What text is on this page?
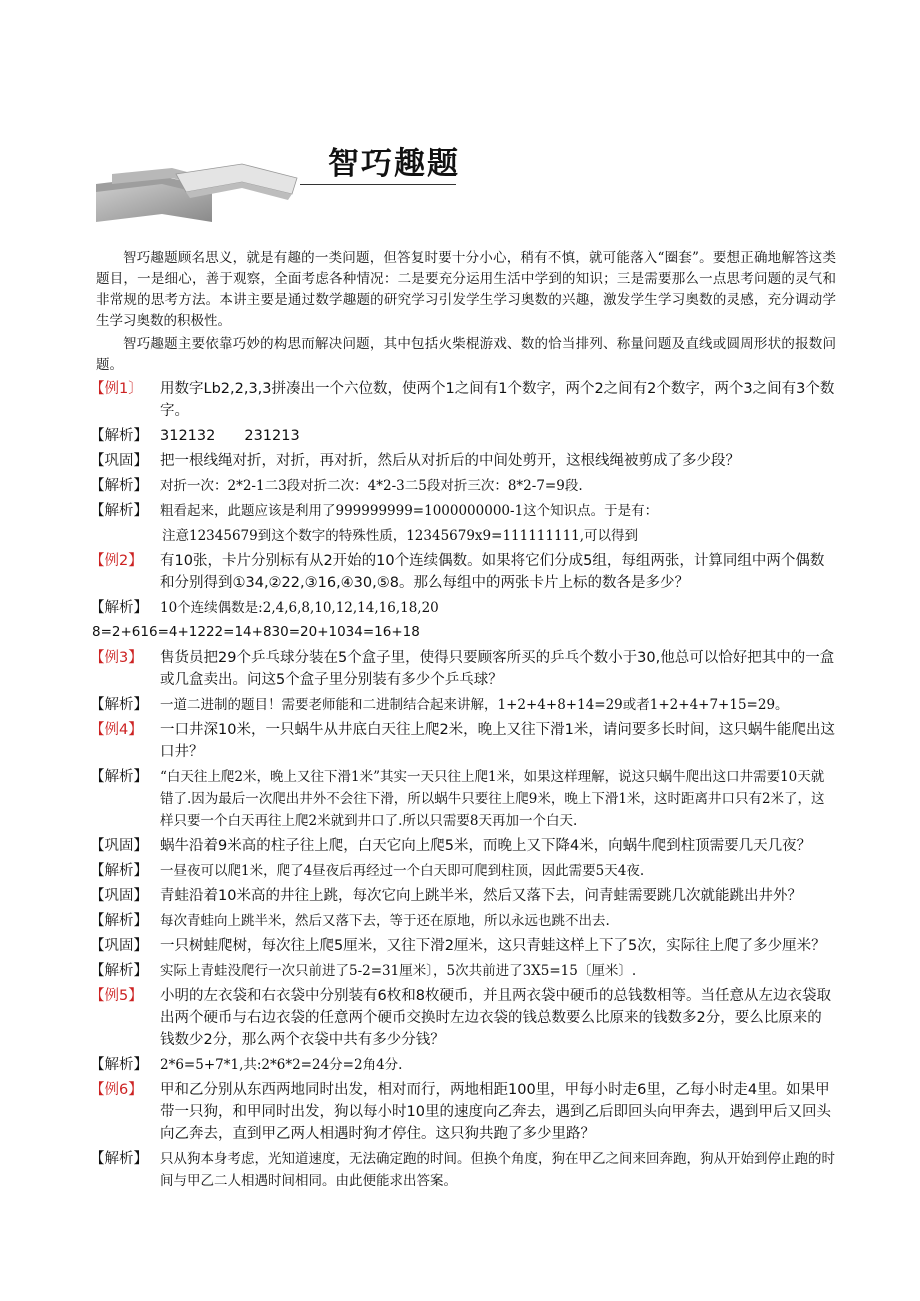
智巧趣题

智巧趣题顾名思义，就是有趣的一类问题，但答复时要十分小心，稍有不慎，就可能落入“圈套”。要想正确地解答这类题目，一是细心，善于观察，全面考虑各种情况：二是要充分运用生活中学到的知识；三是需要那么一点思考问题的灵气和非常规的思考方法。本讲主要是通过数学趣题的研究学习引发学生学习奥数的兴趣，激发学生学习奥数的灵感，充分调动学生学习奥数的积极性。

智巧趣题主要依靠巧妙的构思而解决问题，其中包括火柴棍游戏、数的恰当排列、称量问题及直线或圆周形状的报数问题。

【例1〕 用数字Lb2,2,3,3拼凑出一个六位数，使两个1之间有1个数字，两个2之间有2个数字，两个3之间有3个数字。
【解析】 312132　　231213
【巩固】 把一根线绳对折，对折，再对折，然后从对折后的中间处剪开，这根线绳被剪成了多少段？
【解析】 对折一次：2*2-1二3段对折二次：4*2-3二5段对折三次：8*2-7=9段.
【解析】 粗看起来，此题应该是利用了999999999=1000000000-1这个知识点。于是有：
注意12345679到这个数字的特殊性质，12345679x9=111111111,可以得到
【例2】 有10张，卡片分别标有从2开始的10个连续偶数。如果将它们分成5组，每组两张，计算同组中两个偶数和分别得到①34,②22,③16,④30,⑤8。那么每组中的两张卡片上标的数各是多少？
【解析】 10个连续偶数是:2,4,6,8,10,12,14,16,18,20
8=2+616=4+1222=14+830=20+1034=16+18
【例3】 售货员把29个乒乓球分装在5个盒子里，使得只要顾客所买的乒乓个数小于30,他总可以恰好把其中的一盒或几盒卖出。问这5个盒子里分别装有多少个乒乓球？
【解析】 一道二进制的题目！需要老师能和二进制结合起来讲解，1+2+4+8+14=29或者1+2+4+7+15=29。
【例4】 一口井深10米，一只蜗牛从井底白天往上爬2米，晚上又往下滑1米，请问要多长时间，这只蜗牛能爬出这口井？
【解析】 “白天往上爬2米，晚上又往下滑1米”其实一天只往上爬1米，如果这样理解，说这只蜗牛爬出这口井需要10天就错了.因为最后一次爬出井外不会往下滑，所以蜗牛只要往上爬9米，晚上下滑1米，这时距离井口只有2米了，这样只要一个白天再往上爬2米就到井口了.所以只需要8天再加一个白天.
【巩固】 蜗牛沿着9米高的柱子往上爬，白天它向上爬5米，而晚上又下降4米，向蜗牛爬到柱顶需要几天几夜？
【解析】 一昼夜可以爬1米，爬了4昼夜后再经过一个白天即可爬到柱顶，因此需要5天4夜.
【巩固】 青蛙沿着10米高的井往上跳，每次它向上跳半米，然后又落下去，问青蛙需要跳几次就能跳出井外？
【解析】 每次青蛙向上跳半米，然后又落下去，等于还在原地，所以永远也跳不出去.
【巩固】 一只树蛙爬树，每次往上爬5厘米，又往下滑2厘米，这只青蛙这样上下了5次，实际往上爬了多少厘米？
【解析】 实际上青蛙没爬行一次只前进了5-2=31厘米〕，5次共前进了3X5=15〔厘米〕.
【例5】 小明的左衣袋和右衣袋中分别装有6枚和8枚硬币，并且两衣袋中硬币的总钱数相等。当任意从左边衣袋取出两个硬币与右边衣袋的任意两个硬币交换时左边衣袋的钱总数要么比原来的钱数多2分，要么比原来的钱数少2分，那么两个衣袋中共有多少分钱？
【解析】 2*6=5+7*1,共:2*6*2=24分=2角4分.
【例6】 甲和乙分别从东西两地同时出发，相对而行，两地相距100里，甲每小时走6里，乙每小时走4里。如果甲带一只狗，和甲同时出发，狗以每小时10里的速度向乙奔去，遇到乙后即回头向甲奔去，遇到甲后又回头向乙奔去，直到甲乙两人相遇时狗才停住。这只狗共跑了多少里路？
【解析】 只从狗本身考虑，光知道速度，无法确定跑的时间。但换个角度，狗在甲乙之间来回奔跑，狗从开始到停止跑的时间与甲乙二人相遇时间相同。由此便能求出答案。
